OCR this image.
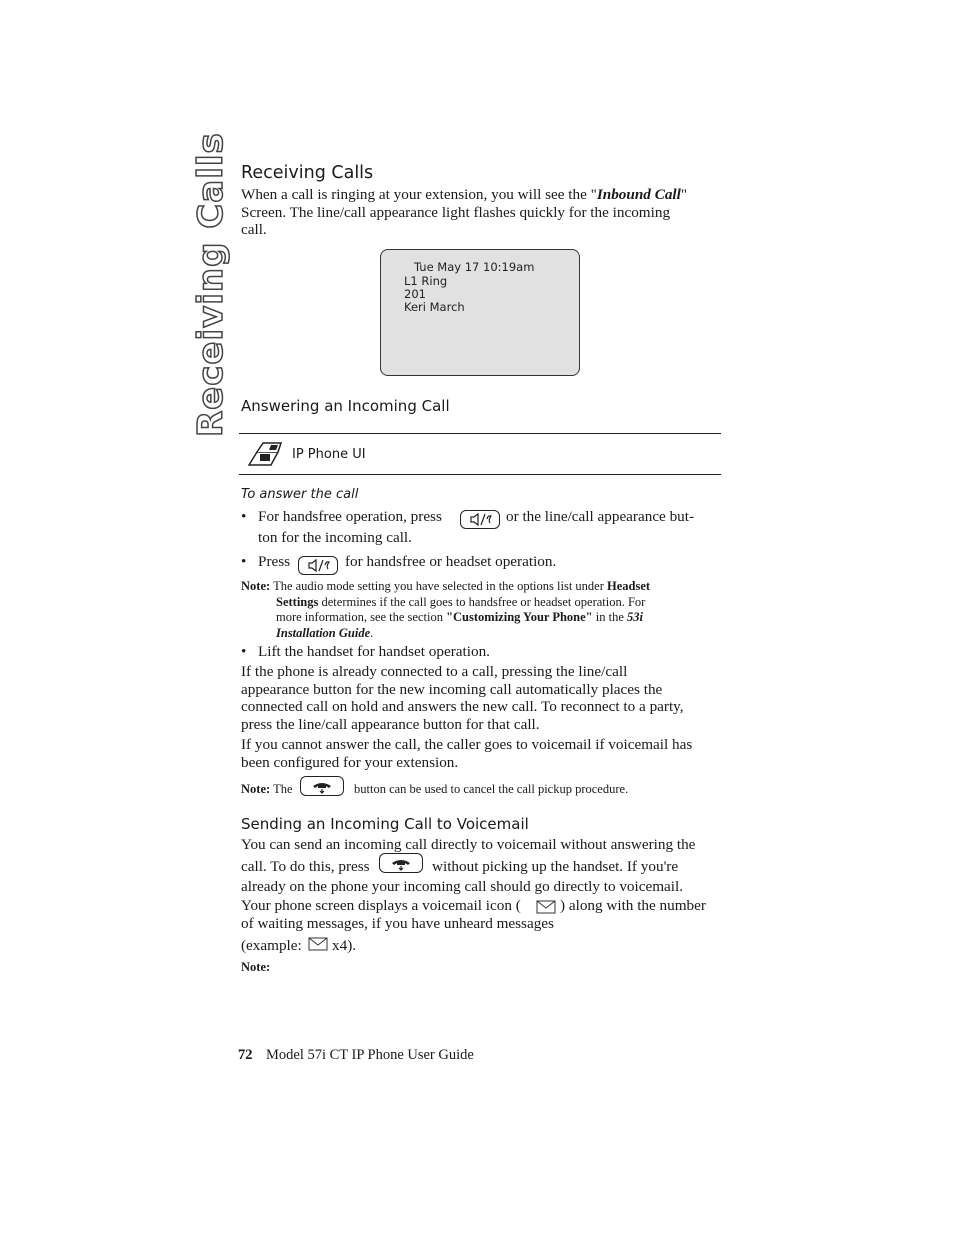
Receiving Calls Receiving Calls
When a call is ringing at your extension, you will see the "Inbound Call"
Screen. The line/call appearance light flashes quickly for the incoming
call.
Tue May 17 10:19am
L1 Ring
201
Keri March
Answering an Incoming Call
IP Phone UI
To answer the call
• For handsfree operation, press	or the line/call appearance but-
ton for the incoming call.
• Press	for handsfree or headset operation.
Note: The audio mode setting you have selected in the options list under Headset
Settings determines if the call goes to handsfree or headset operation. For
more information, see the section "Customizing Your Phone" in the 53i
Installation Guide.
• Lift the handset for handset operation.
If the phone is already connected to a call, pressing the line/call
appearance button for the new incoming call automatically places the
connected call on hold and answers the new call. To reconnect to a party,
press the line/call appearance button for that call.
If you cannot answer the call, the caller goes to voicemail if voicemail has
been configured for your extension.
Note: The	button can be used to cancel the call pickup procedure.
Sending an Incoming Call to Voicemail
You can send an incoming call directly to voicemail without answering the
call. To do this, press	without picking up the handset. If you're
already on the phone your incoming call should go directly to voicemail.
Your phone screen displays a voicemail icon (	) along with the number
of waiting messages, if you have unheard messages
(example: x4).
Note:
72 Model 57i CT IP Phone User Guide
